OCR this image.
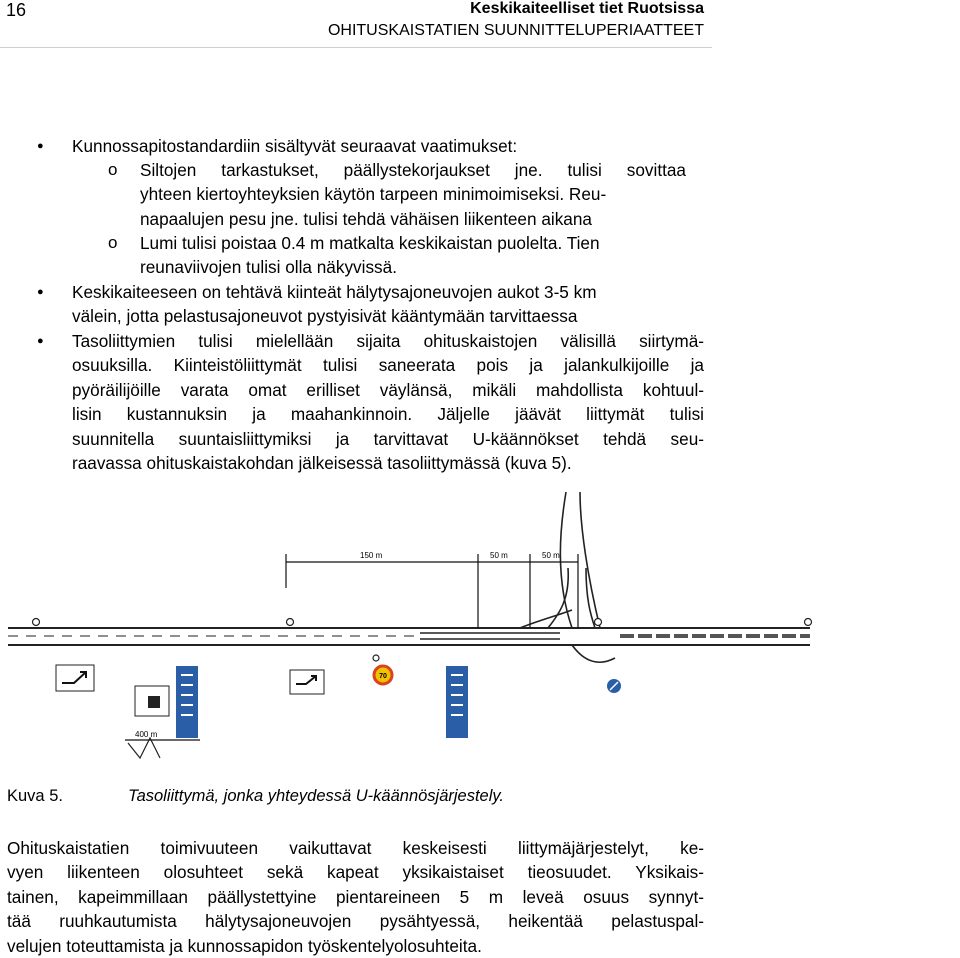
16	Keskikaiteelliset tiet Ruotsissa
OHITUSKAISTATIEN SUUNNITTELUPERIAATTEET
● Kunnossapitostandardiin sisältyvät seuraavat vaatimukset:
o Siltojen tarkastukset, päällystekorjaukset jne. tulisi sovittaa
yhteen kiertoyhteyksien käytön tarpeen minimoimiseksi. Reu-
napaalujen pesu jne. tulisi tehdä vähäisen liikenteen aikana
o Lumi tulisi poistaa 0.4 m matkalta keskikaistan puolelta. Tien
reunaviivojen tulisi olla näkyvissä.
● Keskikaiteeseen on tehtävä kiinteät hälytysajoneuvojen aukot 3-5 km
välein, jotta pelastusajoneuvot pystyisivät kääntymään tarvittaessa
● Tasoliittymien tulisi mielellään sijaita ohituskaistojen välisillä siirtymä-
osuuksilla. Kiinteistöliittymät tulisi saneerata pois ja jalankulkijoille ja
pyöräilijöille varata omat erilliset väylänsä, mikäli mahdollista kohtuul-
lisin kustannuksin ja maahankinnoin. Jäljelle jäävät liittymät tulisi
suunnitella suuntaisliittymiksi ja tarvittavat U-käännökset tehdä seu-
raavassa ohituskaistakohdan jälkeisessä tasoliittymässä (kuva 5).
150 m	50 m	50 m
400 m
70
Kuva 5.	Tasoliittymä, jonka yhteydessä U-käännösjärjestely.
Ohituskaistatien toimivuuteen vaikuttavat keskeisesti liittymäjärjestelyt, ke-
vyen liikenteen olosuhteet sekä kapeat yksikaistaiset tieosuudet. Yksikais-
tainen, kapeimmillaan päällystettyine pientareineen 5 m leveä osuus synnyt-
tää ruuhkautumista hälytysajoneuvojen pysähtyessä, heikentää pelastuspal-
velujen toteuttamista ja kunnossapidon työskentelyolosuhteita.
